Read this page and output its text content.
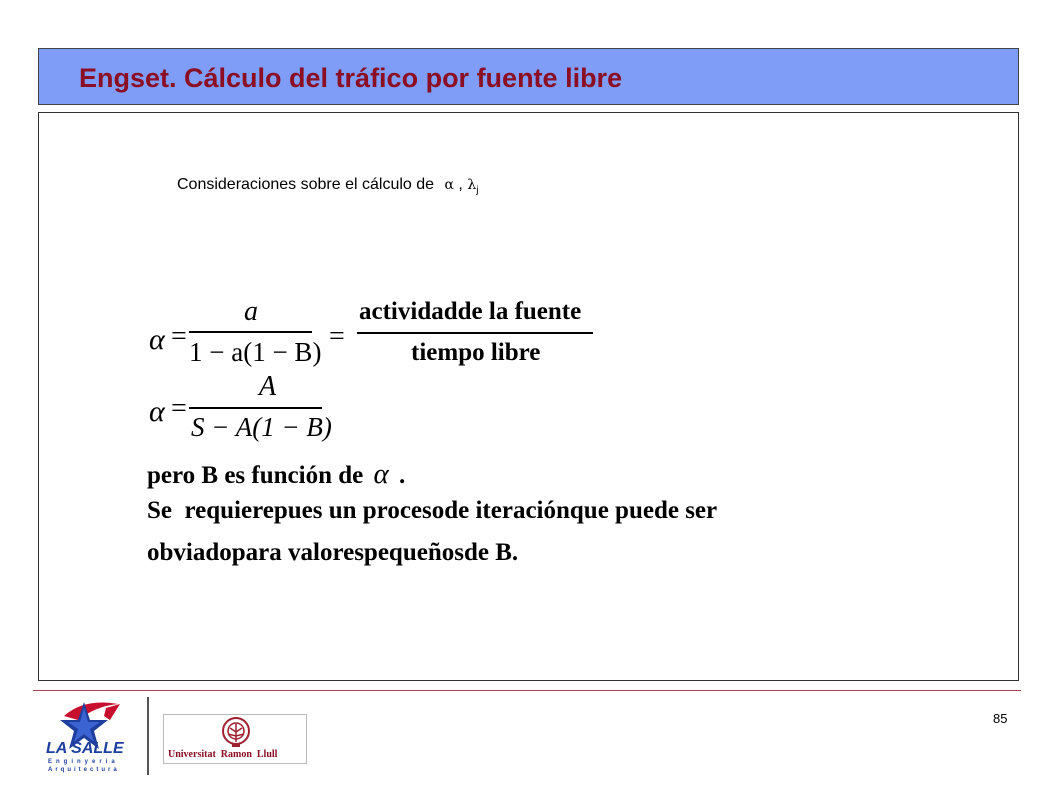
Engset. Cálculo del tráfico por fuente libre
Consideraciones sobre el cálculo de α , $\lambda_j$
α =
a
1 − a(1 − B) =
actividadde la fuente
tiempo libre
α =
A
S − A(1 − B)
pero B es función de α .
Se  requierepues un procesode iteraciónque puede ser
obviadopara valorespequeñosde B.
LA SALLE
Enginyeria
Arquitectura
Universitat  Ramon  Llull
85
